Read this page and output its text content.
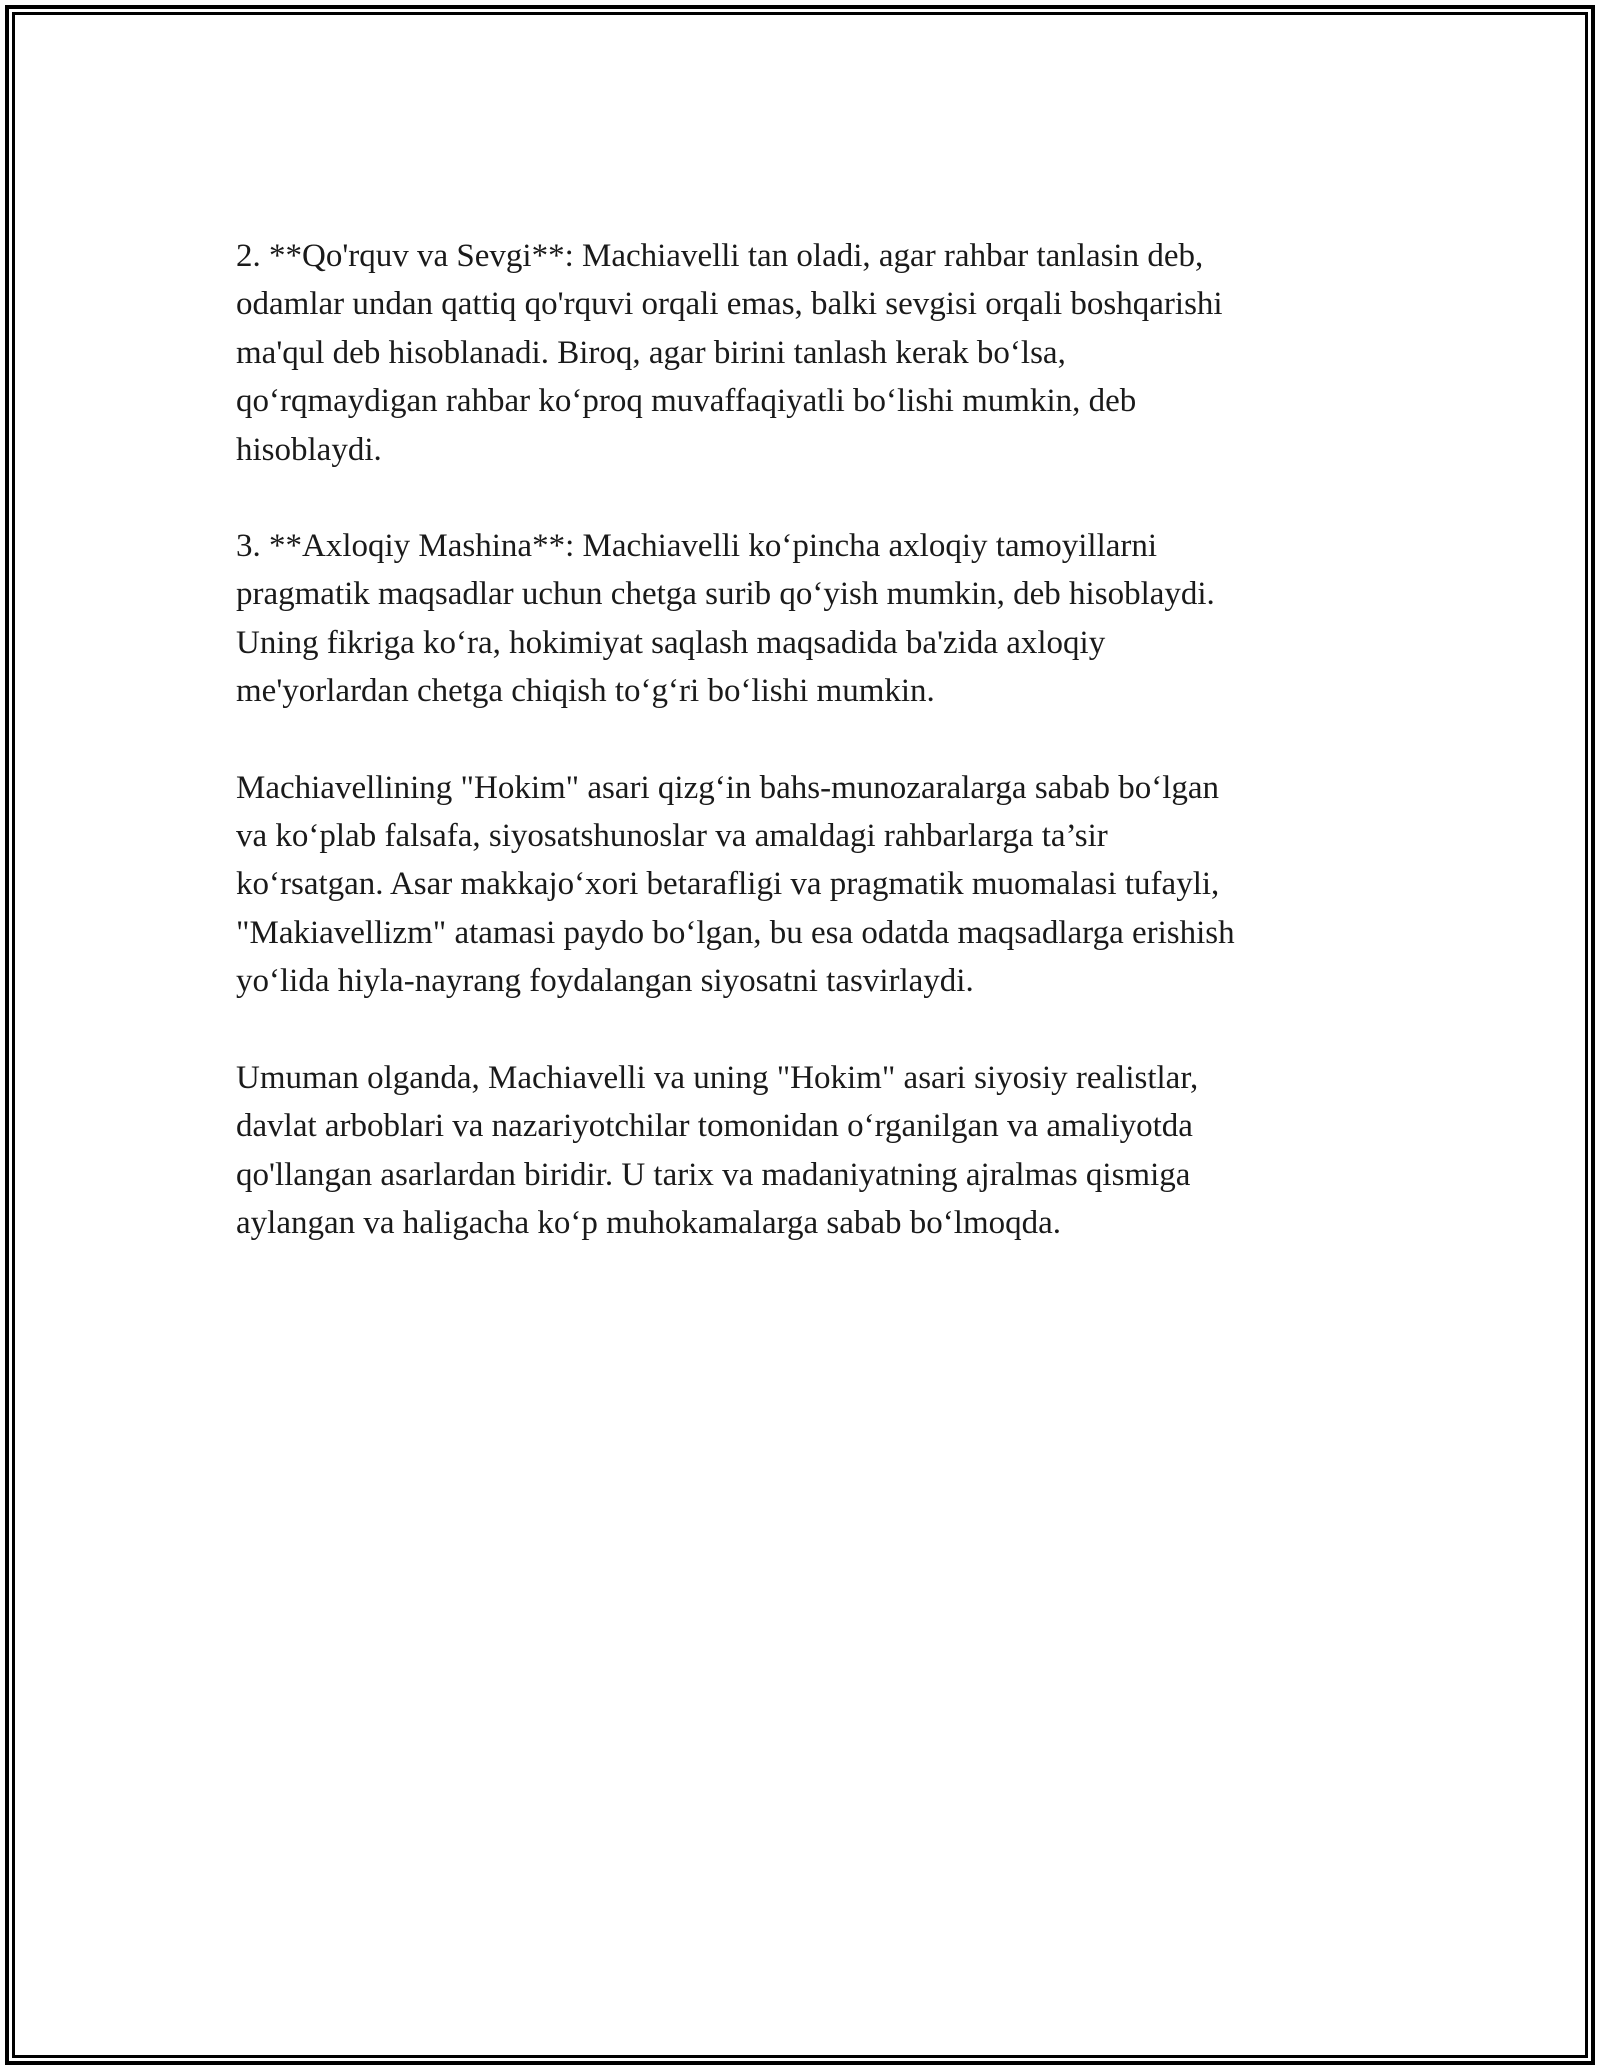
2. **Qo'rquv va Sevgi**: Machiavelli tan oladi, agar rahbar tanlasin deb,
odamlar undan qattiq qo'rquvi orqali emas, balki sevgisi orqali boshqarishi
ma'qul deb hisoblanadi. Biroq, agar birini tanlash kerak bo‘lsa,
qo‘rqmaydigan rahbar ko‘proq muvaffaqiyatli bo‘lishi mumkin, deb
hisoblaydi.

3. **Axloqiy Mashina**: Machiavelli ko‘pincha axloqiy tamoyillarni
pragmatik maqsadlar uchun chetga surib qo‘yish mumkin, deb hisoblaydi.
Uning fikriga ko‘ra, hokimiyat saqlash maqsadida ba'zida axloqiy
me'yorlardan chetga chiqish to‘g‘ri bo‘lishi mumkin.

Machiavellining "Hokim" asari qizg‘in bahs-munozaralarga sabab bo‘lgan
va ko‘plab falsafa, siyosatshunoslar va amaldagi rahbarlarga ta’sir
ko‘rsatgan. Asar makkajo‘xori betarafligi va pragmatik muomalasi tufayli,
"Makiavellizm" atamasi paydo bo‘lgan, bu esa odatda maqsadlarga erishish
yo‘lida hiyla-nayrang foydalangan siyosatni tasvirlaydi.

Umuman olganda, Machiavelli va uning "Hokim" asari siyosiy realistlar,
davlat arboblari va nazariyotchilar tomonidan o‘rganilgan va amaliyotda
qo'llangan asarlardan biridir. U tarix va madaniyatning ajralmas qismiga
aylangan va haligacha ko‘p muhokamalarga sabab bo‘lmoqda.
